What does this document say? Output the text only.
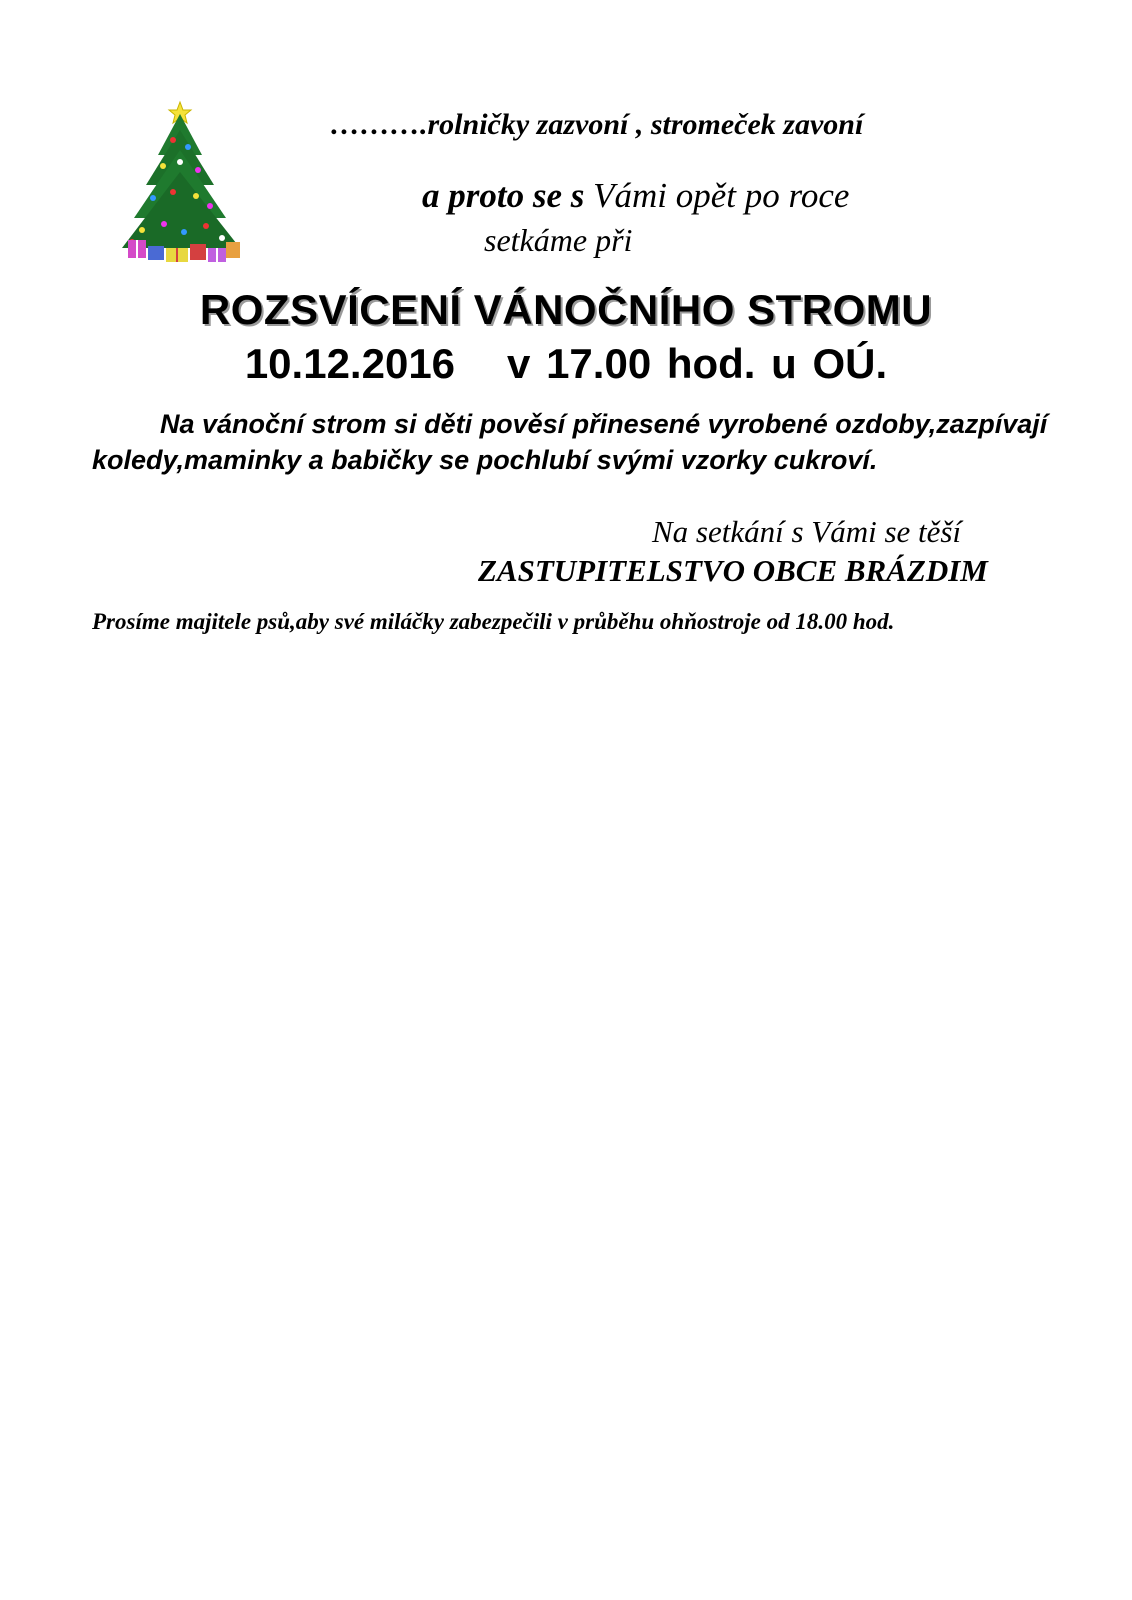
……….rolničky zazvoní , stromeček zavoní
a proto se s Vámi opět po roce
setkáme při
ROZSVÍCENÍ VÁNOČNÍHO STROMU
10.12.2016 v 17.00 hod. u OÚ.
Na vánoční strom si děti pověsí přinesené vyrobené ozdoby,zazpívají koledy,maminky a babičky se pochlubí svými vzorky cukroví.
Na setkání s Vámi se těší
ZASTUPITELSTVO OBCE BRÁZDIM
Prosíme majitele psů,aby své miláčky zabezpečili v průběhu ohňostroje od 18.00 hod.
